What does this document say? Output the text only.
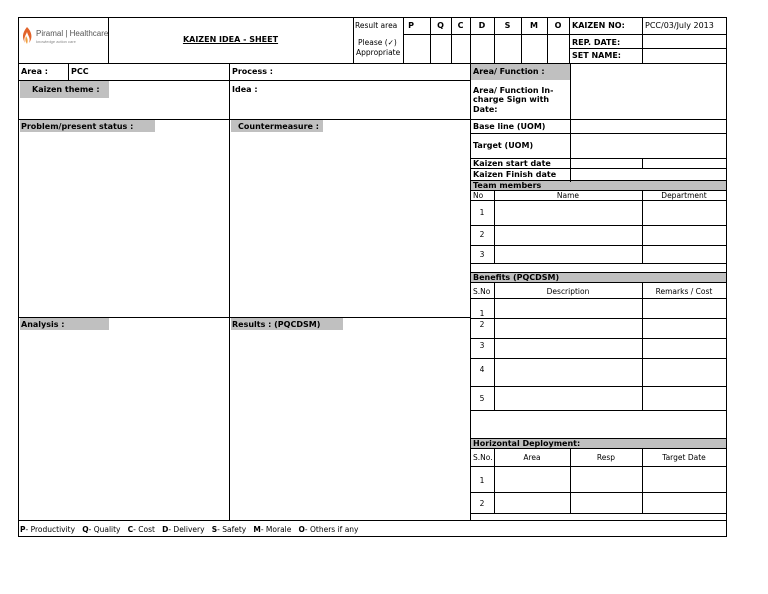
Piramal | Healthcare
knowledge action care	KAIZEN IDEA - SHEET
Result area
Please (✓)
Appropriate
P	Q	C	D	S	M	O	KAIZEN NO:	PCC/03/July 2013
REP. DATE:
SET NAME:
Area :	PCC	Process :	Area/ Function :
Kaizen theme :	Idea :	Area/ Function In-
charge Sign with
Date:
Problem/present status :	Countermeasure :	Base line (UOM)
Target (UOM)
Kaizen start date
Kaizen Finish date
Team members
No	Name	Department
1
2
3
Benefits (PQCDSM)
S.No	Description	Remarks / Cost
1
2
3
4
5
Analysis :	Results : (PQCDSM)
Horizontal Deployment:
S.No.	Area	Resp	Target Date
1
2
P- Productivity Q- Quality C- Cost D- Delivery S- Safety M- Morale O- Others if any
